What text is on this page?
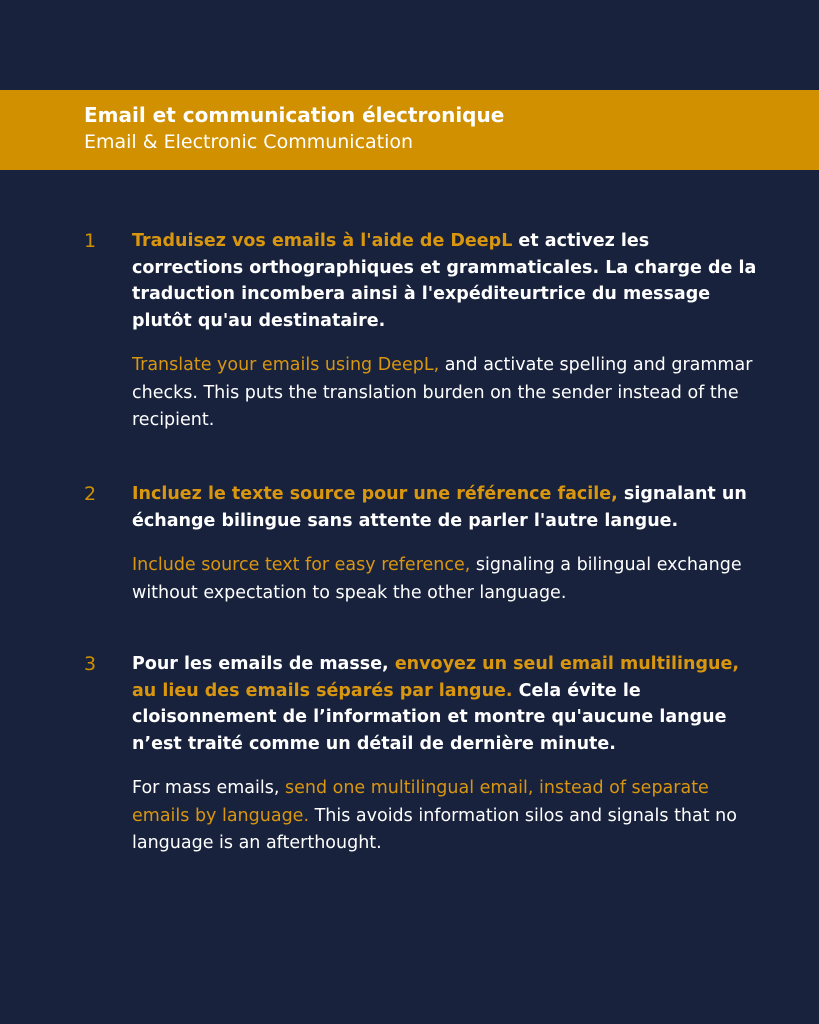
Email et communication électronique
Email & Electronic Communication
1 Traduisez vos emails à l'aide de DeepL et activez les corrections orthographiques et grammaticales. La charge de la traduction incombera ainsi à l'expéditeurtrice du message plutôt qu'au destinataire.

Translate your emails using DeepL, and activate spelling and grammar checks. This puts the translation burden on the sender instead of the recipient.

2 Incluez le texte source pour une référence facile, signalant un échange bilingue sans attente de parler l'autre langue.

Include source text for easy reference, signaling a bilingual exchange without expectation to speak the other language.

3 Pour les emails de masse, envoyez un seul email multilingue, au lieu des emails séparés par langue. Cela évite le cloisonnement de l’information et montre qu'aucune langue n’est traité comme un détail de dernière minute.

For mass emails, send one multilingual email, instead of separate emails by language. This avoids information silos and signals that no language is an afterthought.
